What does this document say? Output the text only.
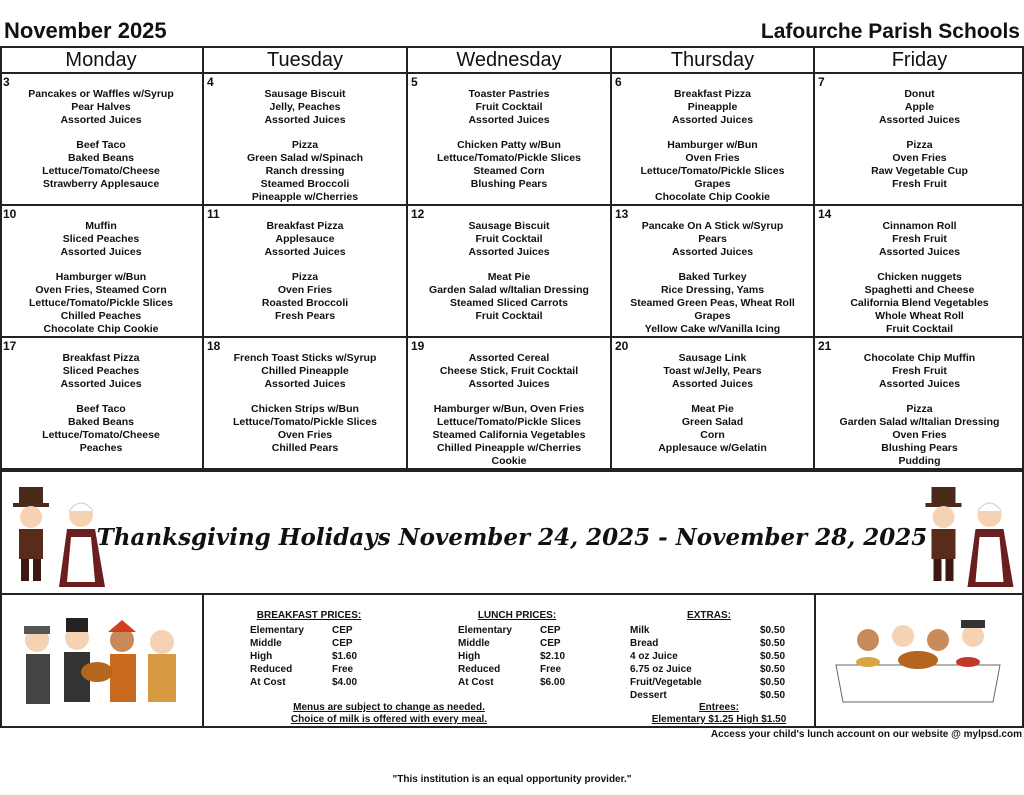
November 2025	Lafourche Parish Schools
Monday	Tuesday	Wednesday	Thursday	Friday
3
Pancakes or Waffles w/Syrup
Pear Halves
Assorted Juices
Beef Taco
Baked Beans
Lettuce/Tomato/Cheese
Strawberry Applesauce
4
Sausage Biscuit
Jelly, Peaches
Assorted Juices
Pizza
Green Salad w/Spinach
Ranch dressing
Steamed Broccoli
Pineapple w/Cherries
5
Toaster Pastries
Fruit Cocktail
Assorted Juices
Chicken Patty w/Bun
Lettuce/Tomato/Pickle Slices
Steamed Corn
Blushing Pears
6
Breakfast Pizza
Pineapple
Assorted Juices
Hamburger w/Bun
Oven Fries
Lettuce/Tomato/Pickle Slices
Grapes
Chocolate Chip Cookie
7
Donut
Apple
Assorted Juices
Pizza
Oven Fries
Raw Vegetable Cup
Fresh Fruit
10
Muffin
Sliced Peaches
Assorted Juices
Hamburger w/Bun
Oven Fries, Steamed Corn
Lettuce/Tomato/Pickle Slices
Chilled Peaches
Chocolate Chip Cookie
11
Breakfast Pizza
Applesauce
Assorted Juices
Pizza
Oven Fries
Roasted Broccoli
Fresh Pears
12
Sausage Biscuit
Fruit Cocktail
Assorted Juices
Meat Pie
Garden Salad w/Italian Dressing
Steamed Sliced Carrots
Fruit Cocktail
13
Pancake On A Stick w/Syrup
Pears
Assorted Juices
Baked Turkey
Rice Dressing, Yams
Steamed Green Peas, Wheat Roll
Grapes
Yellow Cake w/Vanilla Icing
14
Cinnamon Roll
Fresh Fruit
Assorted Juices
Chicken nuggets
Spaghetti and Cheese
California Blend Vegetables
Whole Wheat Roll
Fruit Cocktail
17
Breakfast Pizza
Sliced Peaches
Assorted Juices
Beef Taco
Baked Beans
Lettuce/Tomato/Cheese
Peaches
18
French Toast Sticks w/Syrup
Chilled Pineapple
Assorted Juices
Chicken Strips w/Bun
Lettuce/Tomato/Pickle Slices
Oven Fries
Chilled Pears
19
Assorted Cereal
Cheese Stick, Fruit Cocktail
Assorted Juices
Hamburger w/Bun, Oven Fries
Lettuce/Tomato/Pickle Slices
Steamed California Vegetables
Chilled Pineapple w/Cherries
Cookie
20
Sausage Link
Toast w/Jelly, Pears
Assorted Juices
Meat Pie
Green Salad
Corn
Applesauce w/Gelatin
21
Chocolate Chip Muffin
Fresh Fruit
Assorted Juices
Pizza
Garden Salad w/Italian Dressing
Oven Fries
Blushing Pears
Pudding
Thanksgiving Holidays November 24, 2025 - November 28, 2025
BREAKFAST PRICES:
Elementary	CEP
Middle	CEP
High	$1.60
Reduced	Free
At Cost	$4.00
LUNCH PRICES:
Elementary	CEP
Middle	CEP
High	$2.10
Reduced	Free
At Cost	$6.00
EXTRAS:
Milk	$0.50
Bread	$0.50
4 oz Juice	$0.50
6.75 oz Juice	$0.50
Fruit/Vegetable	$0.50
Dessert	$0.50
Menus are subject to change as needed.
Choice of milk is offered with every meal.
Entrees:
Elementary $1.25 High $1.50
Access your child's lunch account on our website @ mylpsd.com
"This institution is an equal opportunity provider."
